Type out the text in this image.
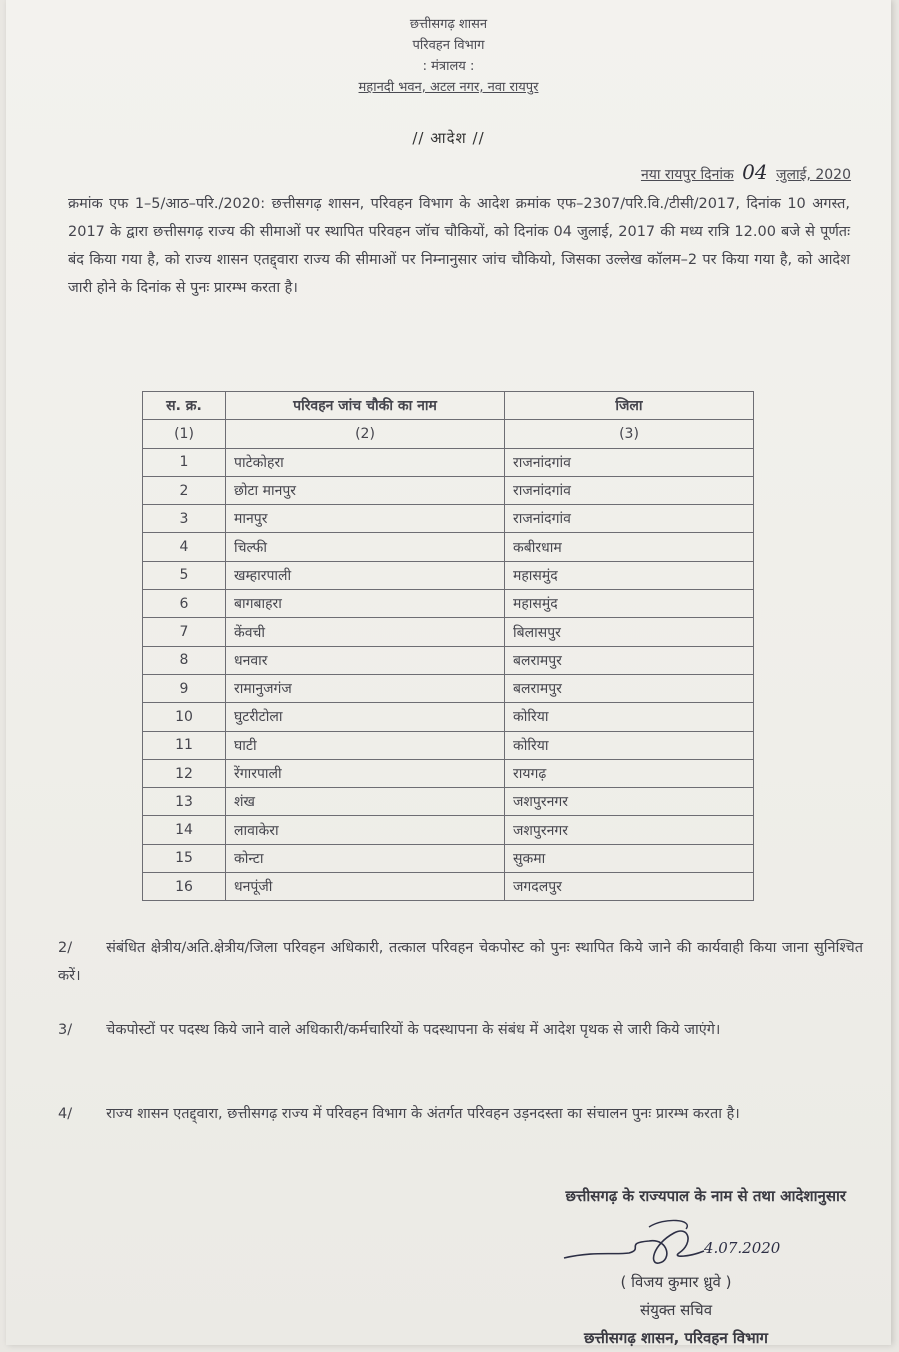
छत्तीसगढ़ शासन
परिवहन विभाग
: मंत्रालय :
महानदी भवन, अटल नगर, नवा रायपुर
// आदेश //
नया रायपुर दिनांक 04 जुलाई, 2020
क्रमांक एफ 1–5/आठ–परि./2020: छत्तीसगढ़ शासन, परिवहन विभाग के आदेश क्रमांक एफ–2307/परि.वि./टीसी/2017, दिनांक 10 अगस्त, 2017 के द्वारा छत्तीसगढ़ राज्य की सीमाओं पर स्थापित परिवहन जॉच चौकियों, को दिनांक 04 जुलाई, 2017 की मध्य रात्रि 12.00 बजे से पूर्णतः बंद किया गया है, को राज्य शासन एतद्द्वारा राज्य की सीमाओं पर निम्नानुसार जांच चौकियो, जिसका उल्लेख कॉलम–2 पर किया गया है, को आदेश जारी होने के दिनांक से पुनः प्रारम्भ करता है।
स. क्र.	परिवहन जांच चौकी का नाम	जिला
(1)	(2)	(3)
1	पाटेकोहरा	राजनांदगांव
2	छोटा मानपुर	राजनांदगांव
3	मानपुर	राजनांदगांव
4	चिल्फी	कबीरधाम
5	खम्हारपाली	महासमुंद
6	बागबाहरा	महासमुंद
7	केंवची	बिलासपुर
8	धनवार	बलरामपुर
9	रामानुजगंज	बलरामपुर
10	घुटरीटोला	कोरिया
11	घाटी	कोरिया
12	रेंगारपाली	रायगढ़
13	शंख	जशपुरनगर
14	लावाकेरा	जशपुरनगर
15	कोन्टा	सुकमा
16	धनपूंजी	जगदलपुर
2/ संबंधित क्षेत्रीय/अति.क्षेत्रीय/जिला परिवहन अधिकारी, तत्काल परिवहन चेकपोस्ट को पुनः स्थापित किये जाने की कार्यवाही किया जाना सुनिश्चित करें।
3/ चेकपोस्टों पर पदस्थ किये जाने वाले अधिकारी/कर्मचारियों के पदस्थापना के संबंध में आदेश पृथक से जारी किये जाएंगे।
4/ राज्य शासन एतद्द्वारा, छत्तीसगढ़ राज्य में परिवहन विभाग के अंतर्गत परिवहन उड़नदस्ता का संचालन पुनः प्रारम्भ करता है।
छत्तीसगढ़ के राज्यपाल के नाम से तथा आदेशानुसार
4.07.2020
( विजय कुमार ध्रुवे )
संयुक्त सचिव
छत्तीसगढ़ शासन, परिवहन विभाग
